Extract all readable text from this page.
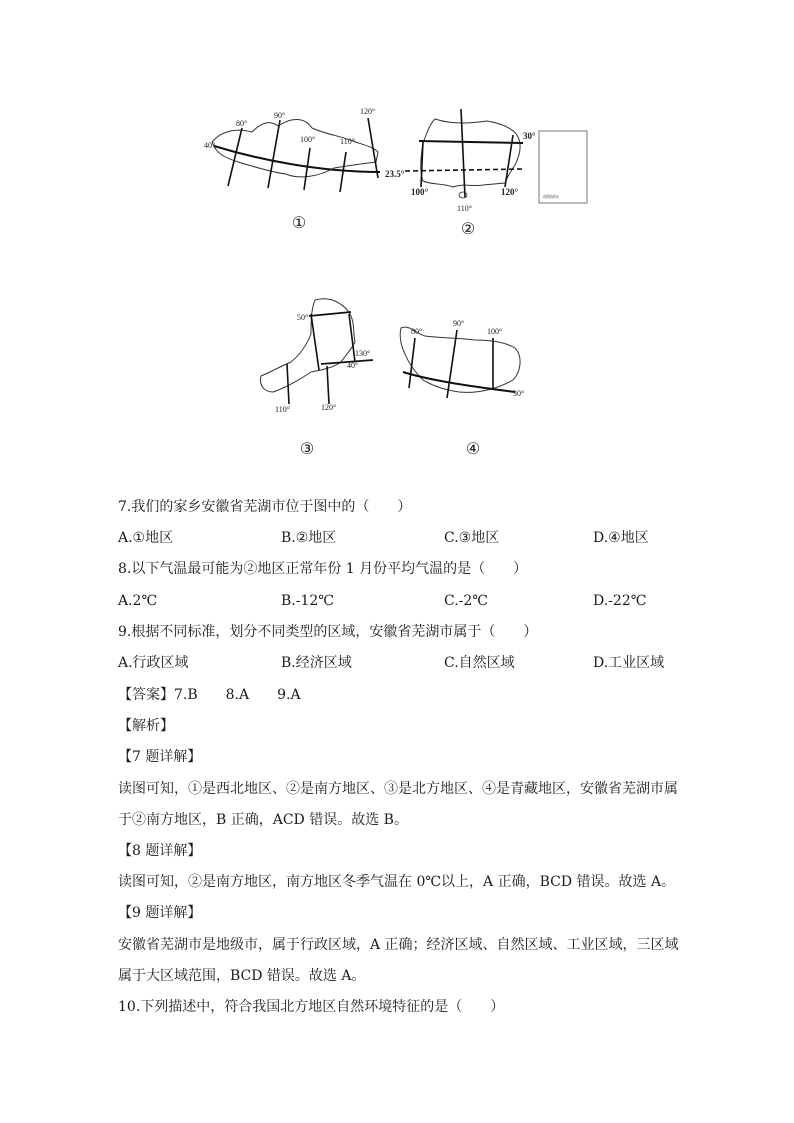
40°
80°
90°
100°	110°
120°
①
南海诸岛
30°
23.5°
100°
110°
120°
②
50°
130°
40°
110°	120°
③
80°
90°
100°
30°
④
7.我们的家乡安徽省芜湖市位于图中的（　　）
A.①地区	B.②地区	C.③地区	D.④地区
8.以下气温最可能为②地区正常年份 1 月份平均气温的是（　　）
A.2℃	B.-12℃	C.-2℃	D.-22℃
9.根据不同标准，划分不同类型的区域，安徽省芜湖市属于（　　）
A.行政区域	B.经济区域	C.自然区域	D.工业区域
【答案】7.B　　8.A　　9.A
【解析】
【7 题详解】
读图可知，①是西北地区、②是南方地区、③是北方地区、④是青藏地区，安徽省芜湖市属
于②南方地区，B 正确，ACD 错误。故选 B。
【8 题详解】
读图可知，②是南方地区，南方地区冬季气温在 0℃以上，A 正确，BCD 错误。故选 A。
【9 题详解】
安徽省芜湖市是地级市，属于行政区域，A 正确；经济区域、自然区域、工业区域，三区域
属于大区域范围，BCD 错误。故选 A。
10.下列描述中，符合我国北方地区自然环境特征的是（　　）
